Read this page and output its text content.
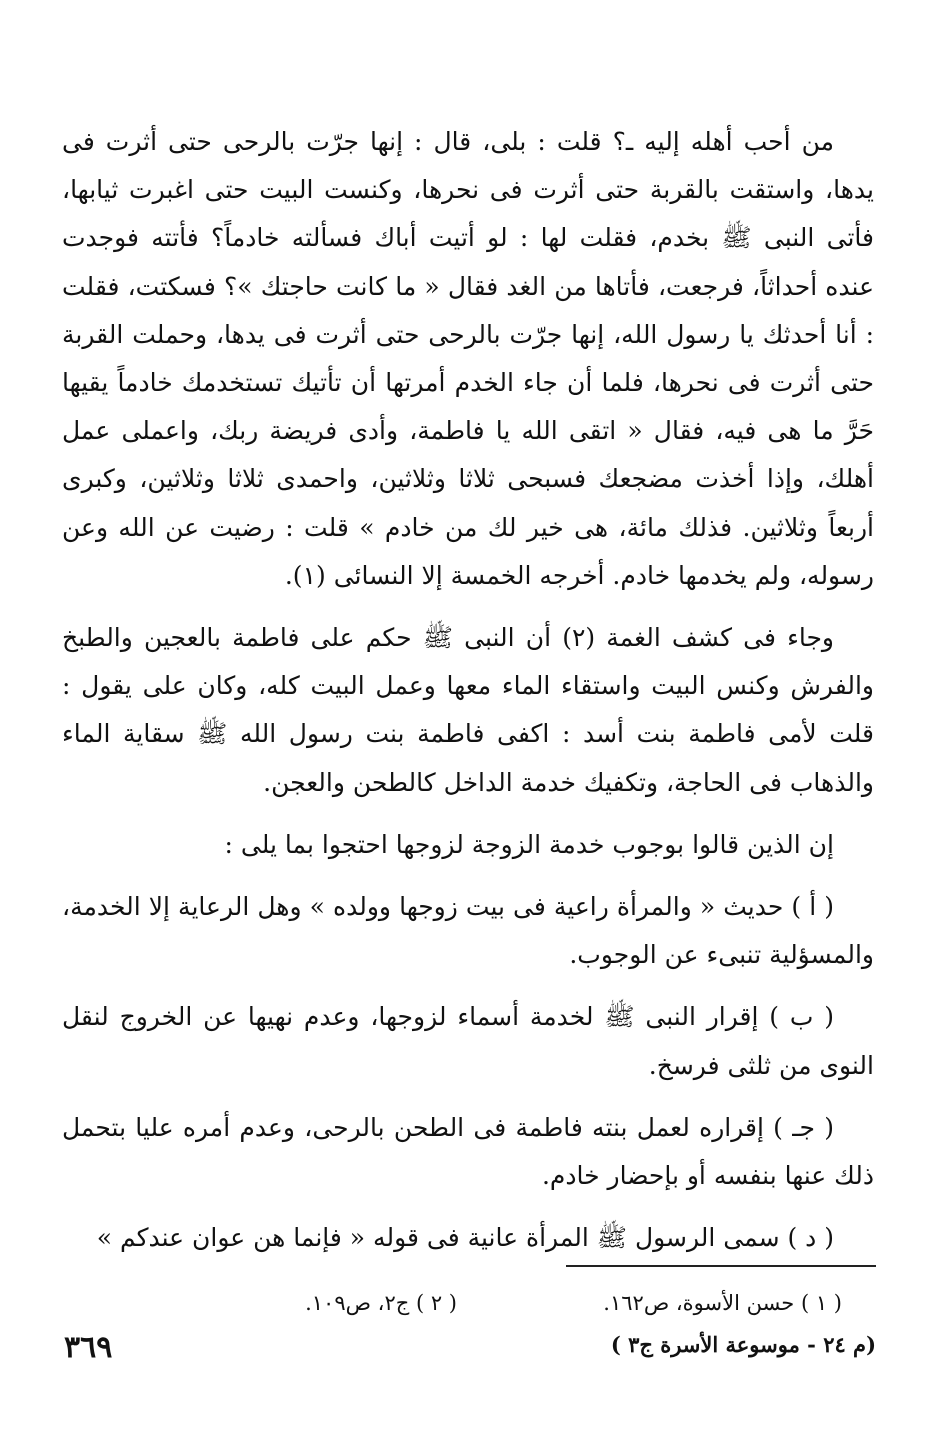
من أحب أهله إليه ـ؟ قلت : بلى، قال : إنها جرّت بالرحى حتى أثرت فى يدها، واستقت بالقربة حتى أثرت فى نحرها، وكنست البيت حتى اغبرت ثيابها، فأتى النبى ﷺ بخدم، فقلت لها : لو أتيت أباك فسألته خادماً؟ فأتته فوجدت عنده أحداثاً، فرجعت، فأتاها من الغد فقال « ما كانت حاجتك »؟ فسكتت، فقلت : أنا أحدثك يا رسول الله، إنها جرّت بالرحى حتى أثرت فى يدها، وحملت القربة حتى أثرت فى نحرها، فلما أن جاء الخدم أمرتها أن تأتيك تستخدمك خادماً يقيها حَرَّ ما هى فيه، فقال « اتقى الله يا فاطمة، وأدى فريضة ربك، واعملى عمل أهلك، وإذا أخذت مضجعك فسبحى ثلاثا وثلاثين، واحمدى ثلاثا وثلاثين، وكبرى أربعاً وثلاثين. فذلك مائة، هى خير لك من خادم » قلت : رضيت عن الله وعن رسوله، ولم يخدمها خادم. أخرجه الخمسة إلا النسائى (١).

وجاء فى كشف الغمة (٢) أن النبى ﷺ حكم على فاطمة بالعجين والطبخ والفرش وكنس البيت واستقاء الماء معها وعمل البيت كله، وكان على يقول : قلت لأمى فاطمة بنت أسد : اكفى فاطمة بنت رسول الله ﷺ سقاية الماء والذهاب فى الحاجة، وتكفيك خدمة الداخل كالطحن والعجن.

إن الذين قالوا بوجوب خدمة الزوجة لزوجها احتجوا بما يلى :

( أ ) حديث « والمرأة راعية فى بيت زوجها وولده » وهل الرعاية إلا الخدمة، والمسؤلية تنبىء عن الوجوب.

( ب ) إقرار النبى ﷺ لخدمة أسماء لزوجها، وعدم نهيها عن الخروج لنقل النوى من ثلثى فرسخ.

( جـ ) إقراره لعمل بنته فاطمة فى الطحن بالرحى، وعدم أمره عليا بتحمل ذلك عنها بنفسه أو بإحضار خادم.

( د ) سمى الرسول ﷺ المرأة عانية فى قوله « فإنما هن عوان عندكم »

( ١ ) حسن الأسوة، ص١٦٢.
( ٢ ) ج٢، ص١٠٩.
(م ٢٤ - موسوعة الأسرة ج٣ )
٣٦٩
